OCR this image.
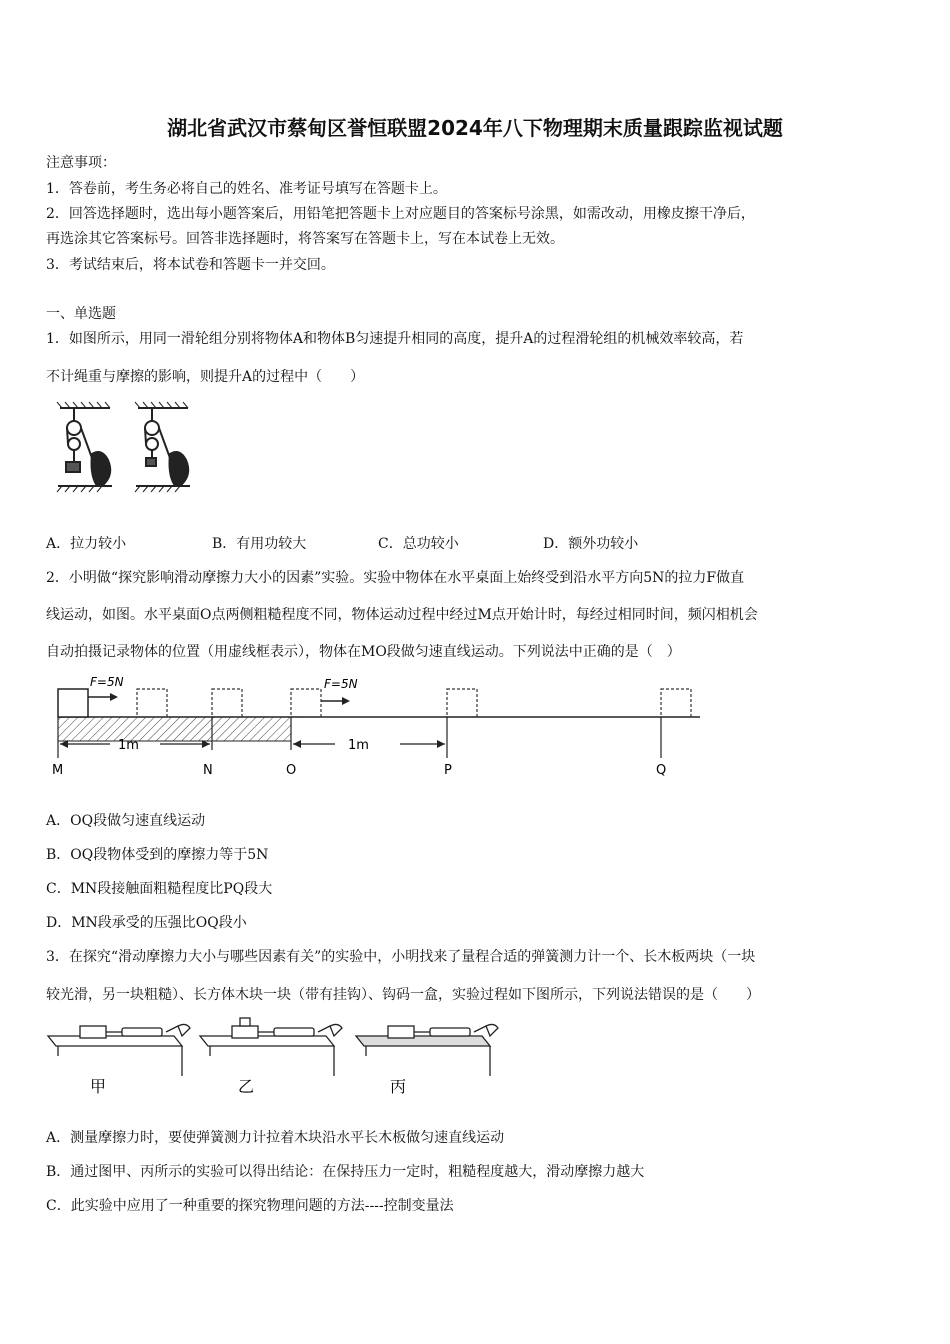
湖北省武汉市蔡甸区誉恒联盟2024年八下物理期末质量跟踪监视试题
注意事项：
1．答卷前，考生务必将自己的姓名、准考证号填写在答题卡上。
2．回答选择题时，选出每小题答案后，用铅笔把答题卡上对应题目的答案标号涂黑，如需改动，用橡皮擦干净后，
再选涂其它答案标号。回答非选择题时，将答案写在答题卡上，写在本试卷上无效。
3．考试结束后，将本试卷和答题卡一并交回。
一、单选题
1．如图所示，用同一滑轮组分别将物体A和物体B匀速提升相同的高度，提升A的过程滑轮组的机械效率较高，若
不计绳重与摩擦的影响，则提升A的过程中（　　）
A．拉力较小	B．有用功较大	C．总功较小	D．额外功较小
2．小明做“探究影响滑动摩擦力大小的因素”实验。实验中物体在水平桌面上始终受到沿水平方向5N的拉力F做直
线运动，如图。水平桌面O点两侧粗糙程度不同，物体运动过程中经过M点开始计时，每经过相同时间，频闪相机会
自动拍摄记录物体的位置（用虚线框表示），物体在MO段做匀速直线运动。下列说法中正确的是（　）
F=5N	F=5N
1m	1m
M	N	O	P	Q
A．OQ段做匀速直线运动
B．OQ段物体受到的摩擦力等于5N
C．MN段接触面粗糙程度比PQ段大
D．MN段承受的压强比OQ段小
3．在探究“滑动摩擦力大小与哪些因素有关”的实验中，小明找来了量程合适的弹簧测力计一个、长木板两块（一块
较光滑，另一块粗糙）、长方体木块一块（带有挂钩）、钩码一盒，实验过程如下图所示，下列说法错误的是（　　）
甲	乙	丙
A．测量摩擦力时，要使弹簧测力计拉着木块沿水平长木板做匀速直线运动
B．通过图甲、丙所示的实验可以得出结论：在保持压力一定时，粗糙程度越大，滑动摩擦力越大
C．此实验中应用了一种重要的探究物理问题的方法----控制变量法
